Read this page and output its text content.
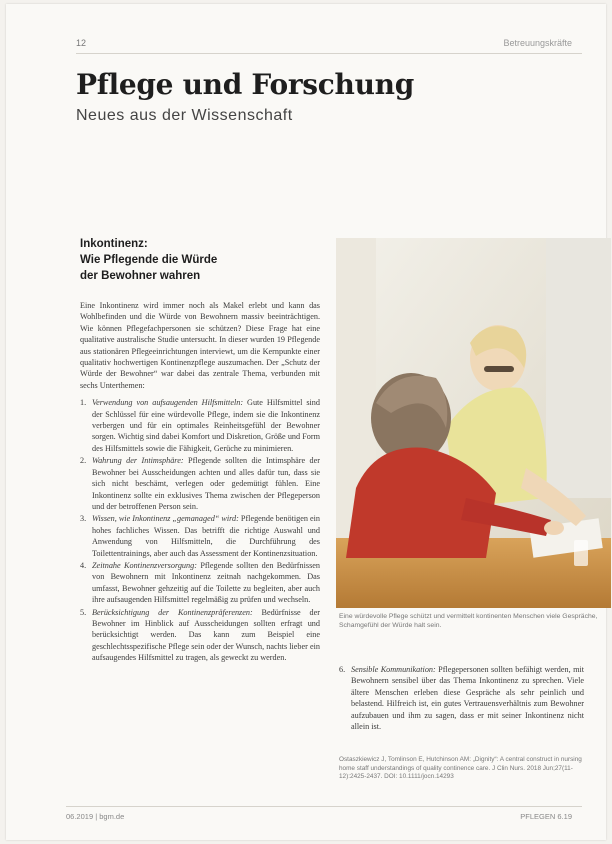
12	Betreuungskräfte
Pflege und Forschung
Neues aus der Wissenschaft
Inkontinenz:
Wie Pflegende die Würde
der Bewohner wahren

Eine Inkontinenz wird immer noch als Makel erlebt und kann das Wohlbefinden und die Würde von Bewohnern massiv beeinträchtigen. Wie können Pflegefachpersonen sie schützen? Diese Frage hat eine qualitative australische Studie untersucht. In dieser wurden 19 Pflegende aus stationären Pflegeeinrichtungen interviewt, um die Kernpunkte einer qualitativ hochwertigen Kontinenzpflege auszumachen. Der „Schutz der Würde der Bewohner“ war dabei das zentrale Thema, verbunden mit sechs Unterthemen:

1. Verwendung von aufsaugenden Hilfsmitteln: Gute Hilfsmittel sind der Schlüssel für eine würdevolle Pflege, indem sie die Inkontinenz verbergen und für ein optimales Reinheitsgefühl der Bewohner sorgen. Wichtig sind dabei Komfort und Diskretion, Größe und Form des Hilfsmittels sowie die Fähigkeit, Gerüche zu minimieren.
2. Wahrung der Intimsphäre: Pflegende sollten die Intimsphäre der Bewohner bei Ausscheidungen achten und alles dafür tun, dass sie sich nicht beschämt, verlegen oder gedemütigt fühlen. Eine Inkontinenz sollte ein exklusives Thema zwischen der Pflegeperson und der betroffenen Person sein.
3. Wissen, wie Inkontinenz „gemanaged“ wird: Pflegende benötigen ein hohes fachliches Wissen. Das betrifft die richtige Auswahl und Anwendung von Hilfsmitteln, die Durchführung des Toilettentrainings, aber auch das Assessment der Kontinenzsituation.
4. Zeitnahe Kontinenzversorgung: Pflegende sollten den Bedürfnissen von Bewohnern mit Inkontinenz zeitnah nachgekommen. Das umfasst, Bewohner gehzeitig auf die Toilette zu begleiten, aber auch ihre aufsaugenden Hilfsmittel regelmäßig zu prüfen und wechseln.
5. Berücksichtigung der Kontinenzpräferenzen: Bedürfnisse der Bewohner im Hinblick auf Ausscheidungen sollten erfragt und berücksichtigt werden. Das kann zum Beispiel eine geschlechtsspezifische Pflege sein oder der Wunsch, nachts lieber ein aufsaugendes Hilfsmittel zu tragen, als geweckt zu werden.
Eine würdevolle Pflege schützt und vermittelt kontinenten Menschen viele Gespräche, Schamgefühl der Würde halt sein.
6. Sensible Kommunikation: Pflegepersonen sollten befähigt werden, mit Bewohnern sensibel über das Thema Inkontinenz zu sprechen. Viele ältere Menschen erleben diese Gespräche als sehr peinlich und belastend. Hilfreich ist, ein gutes Vertrauensverhältnis zum Bewohner aufzubauen und ihm zu sagen, dass er mit seiner Inkontinenz nicht allein ist.
Ostaszkiewicz J, Tomlinson E, Hutchinson AM: „Dignity“: A central construct in nursing home staff understandings of quality continence care. J Clin Nurs. 2018 Jun;27(11-12):2425-2437. DOI: 10.1111/jocn.14293
06.2019 | bgm.de	PFLEGEN 6.19
